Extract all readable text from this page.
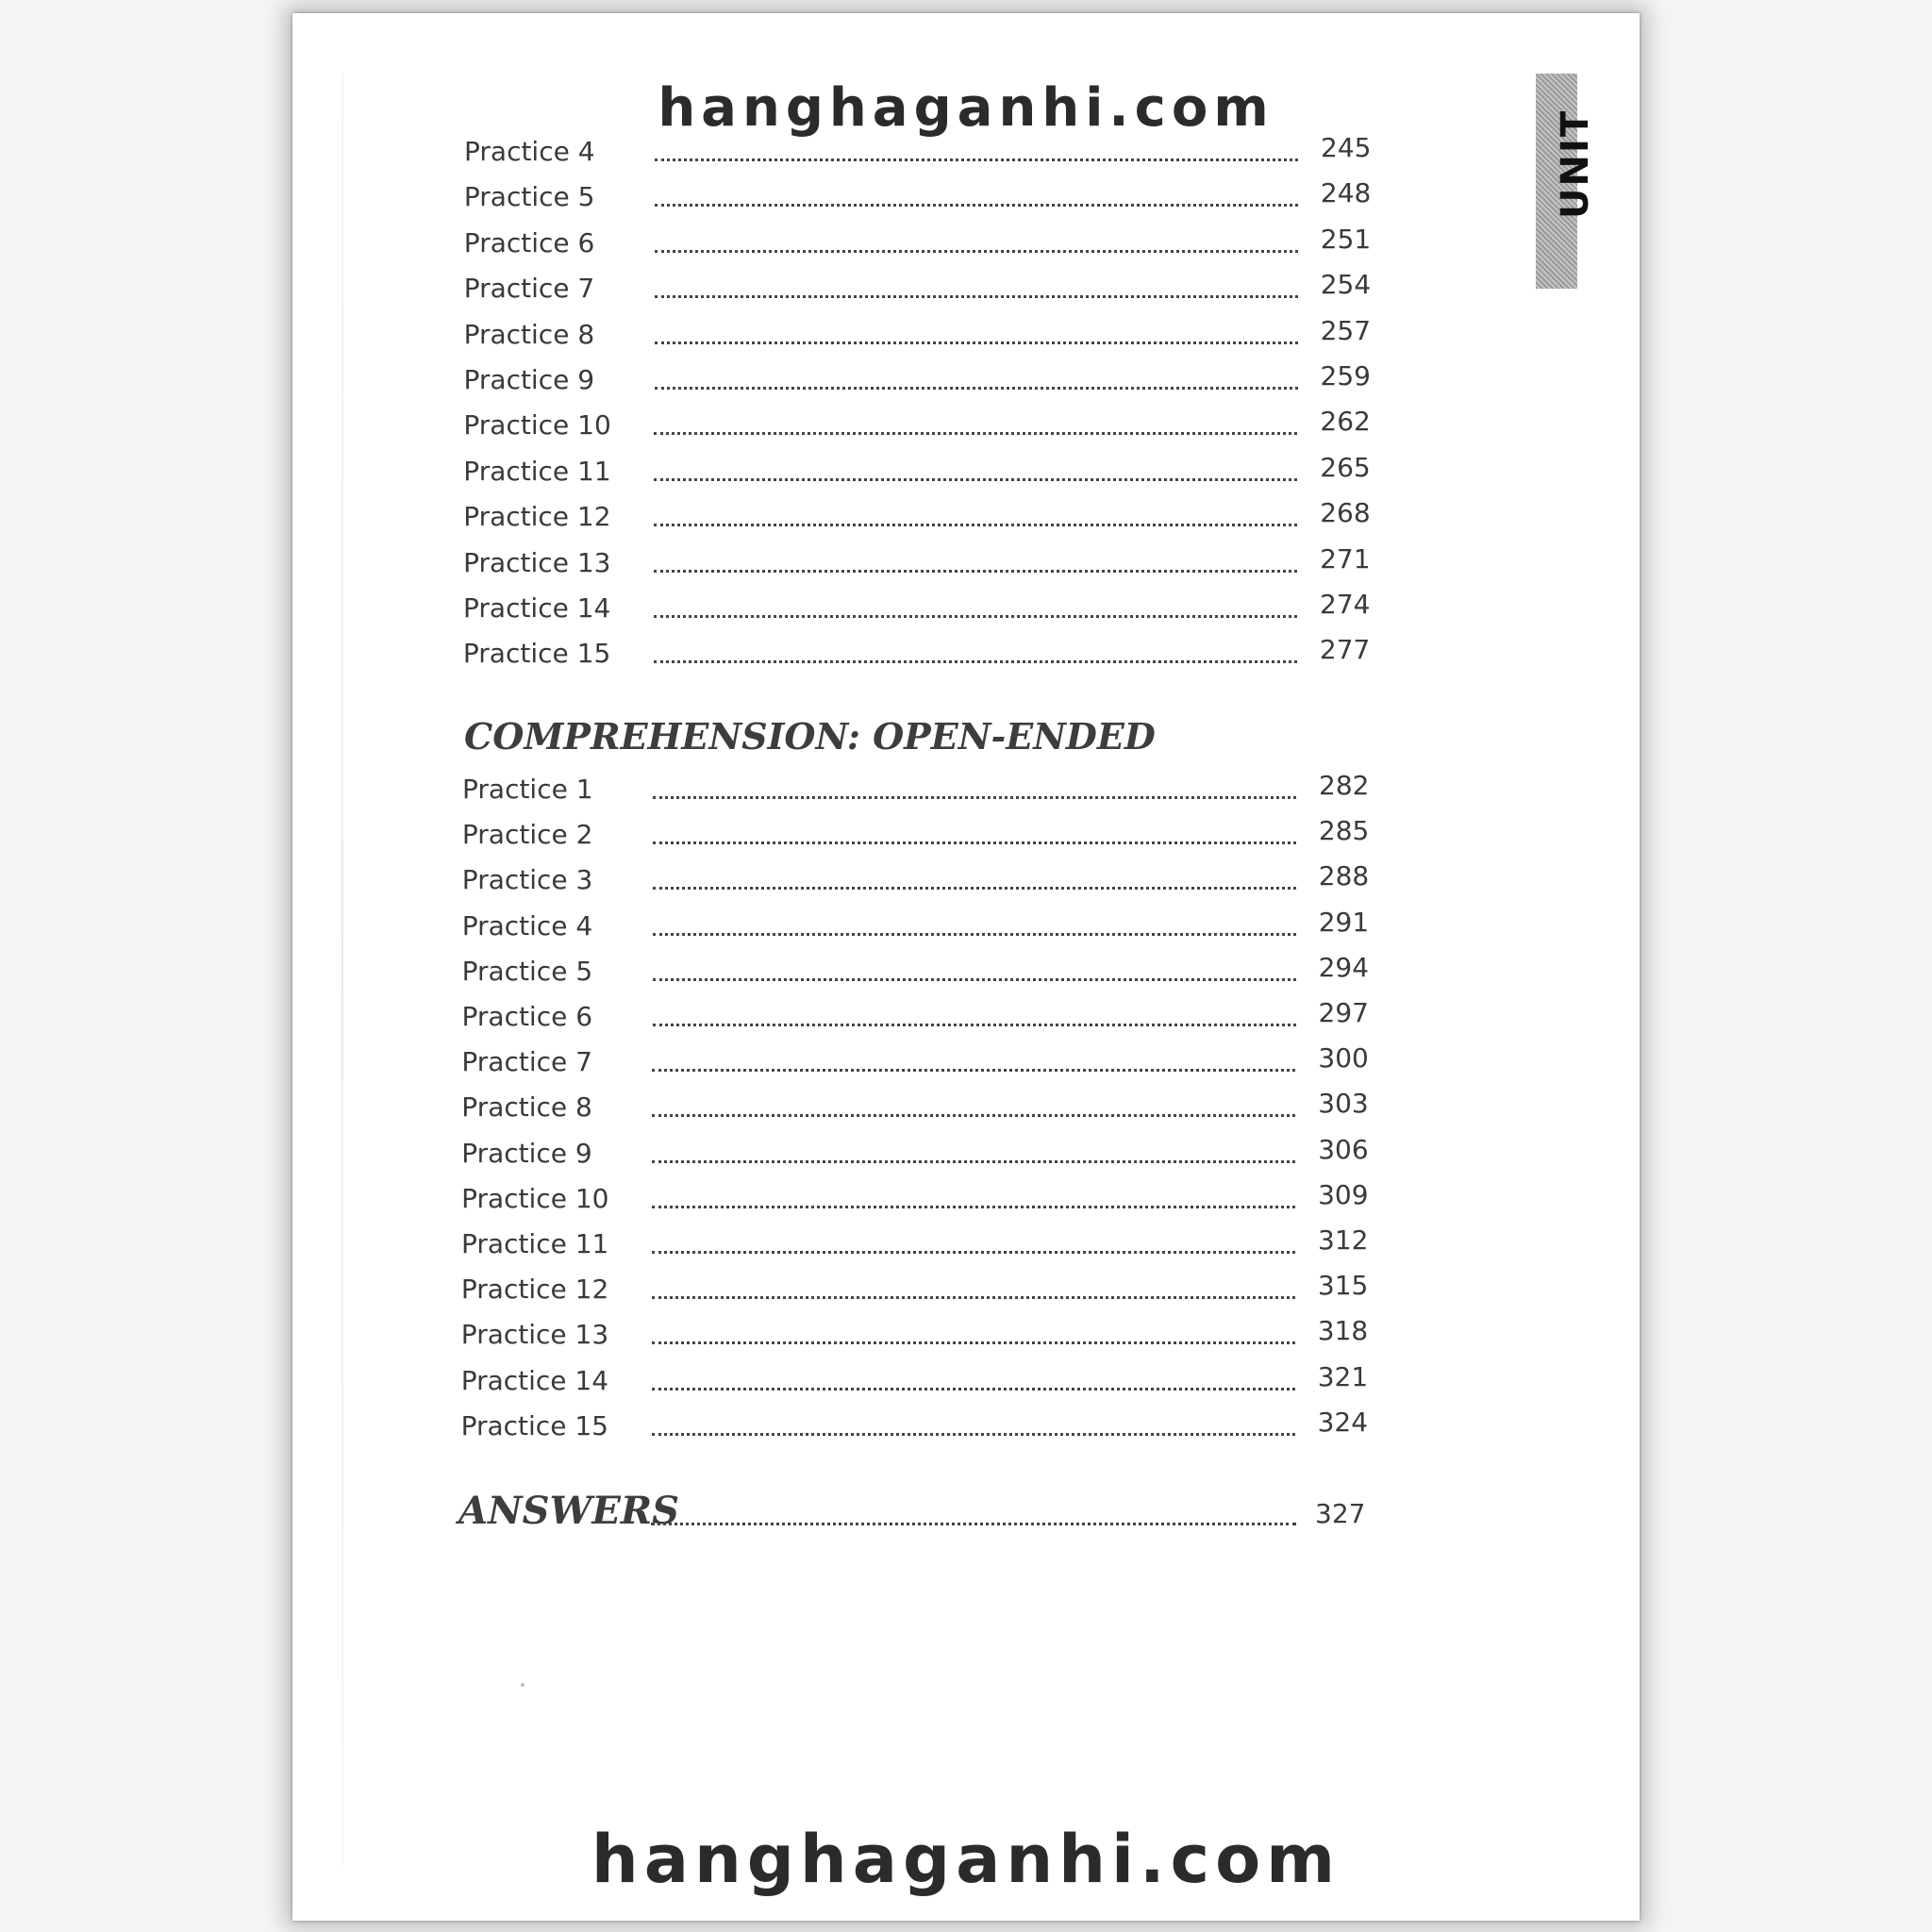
UNIT
hanghaganhi.com
Practice 4	245
Practice 5	248
Practice 6	251
Practice 7	254
Practice 8	257
Practice 9	259
Practice 10	262
Practice 11	265
Practice 12	268
Practice 13	271
Practice 14	274
Practice 15	277
COMPREHENSION: OPEN-ENDED
Practice 1	282
Practice 2	285
Practice 3	288
Practice 4	291
Practice 5	294
Practice 6	297
Practice 7	300
Practice 8	303
Practice 9	306
Practice 10	309
Practice 11	312
Practice 12	315
Practice 13	318
Practice 14	321
Practice 15	324
ANSWERS	327
hanghaganhi.com
